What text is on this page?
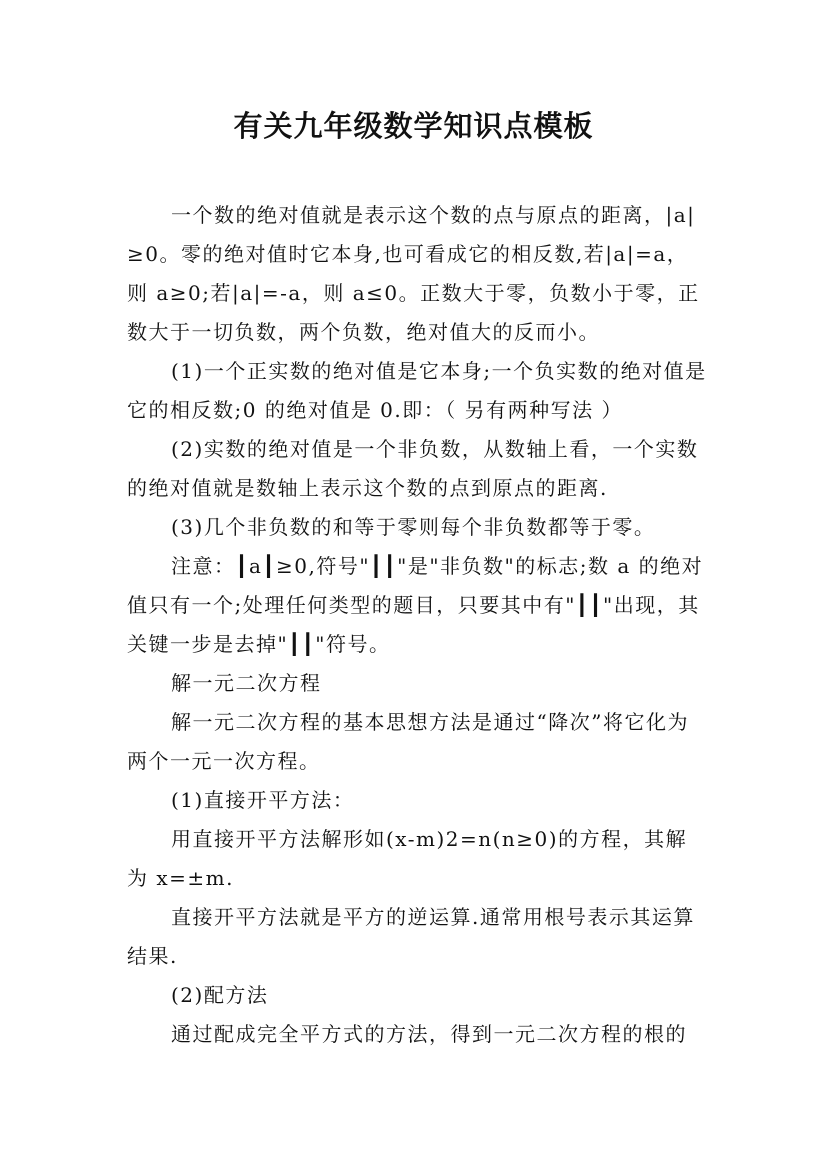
有关九年级数学知识点模板

一个数的绝对值就是表示这个数的点与原点的距离，|a|≥0。零的绝对值时它本身,也可看成它的相反数,若|a|=a，则 a≥0;若|a|=-a，则 a≤0。正数大于零，负数小于零，正数大于一切负数，两个负数，绝对值大的反而小。

(1)一个正实数的绝对值是它本身;一个负实数的绝对值是它的相反数;0 的绝对值是 0.即：（ 另有两种写法 ）

(2)实数的绝对值是一个非负数，从数轴上看，一个实数的绝对值就是数轴上表示这个数的点到原点的距离.

(3)几个非负数的和等于零则每个非负数都等于零。

注意：┃a┃≥0,符号"┃┃"是"非负数"的标志;数 a 的绝对值只有一个;处理任何类型的题目，只要其中有"┃┃"出现，其关键一步是去掉"┃┃"符号。

解一元二次方程

解一元二次方程的基本思想方法是通过“降次”将它化为两个一元一次方程。

(1)直接开平方法：

用直接开平方法解形如(x-m)2=n(n≥0)的方程，其解为 x=±m.

直接开平方法就是平方的逆运算.通常用根号表示其运算结果.

(2)配方法

通过配成完全平方式的方法，得到一元二次方程的根的
